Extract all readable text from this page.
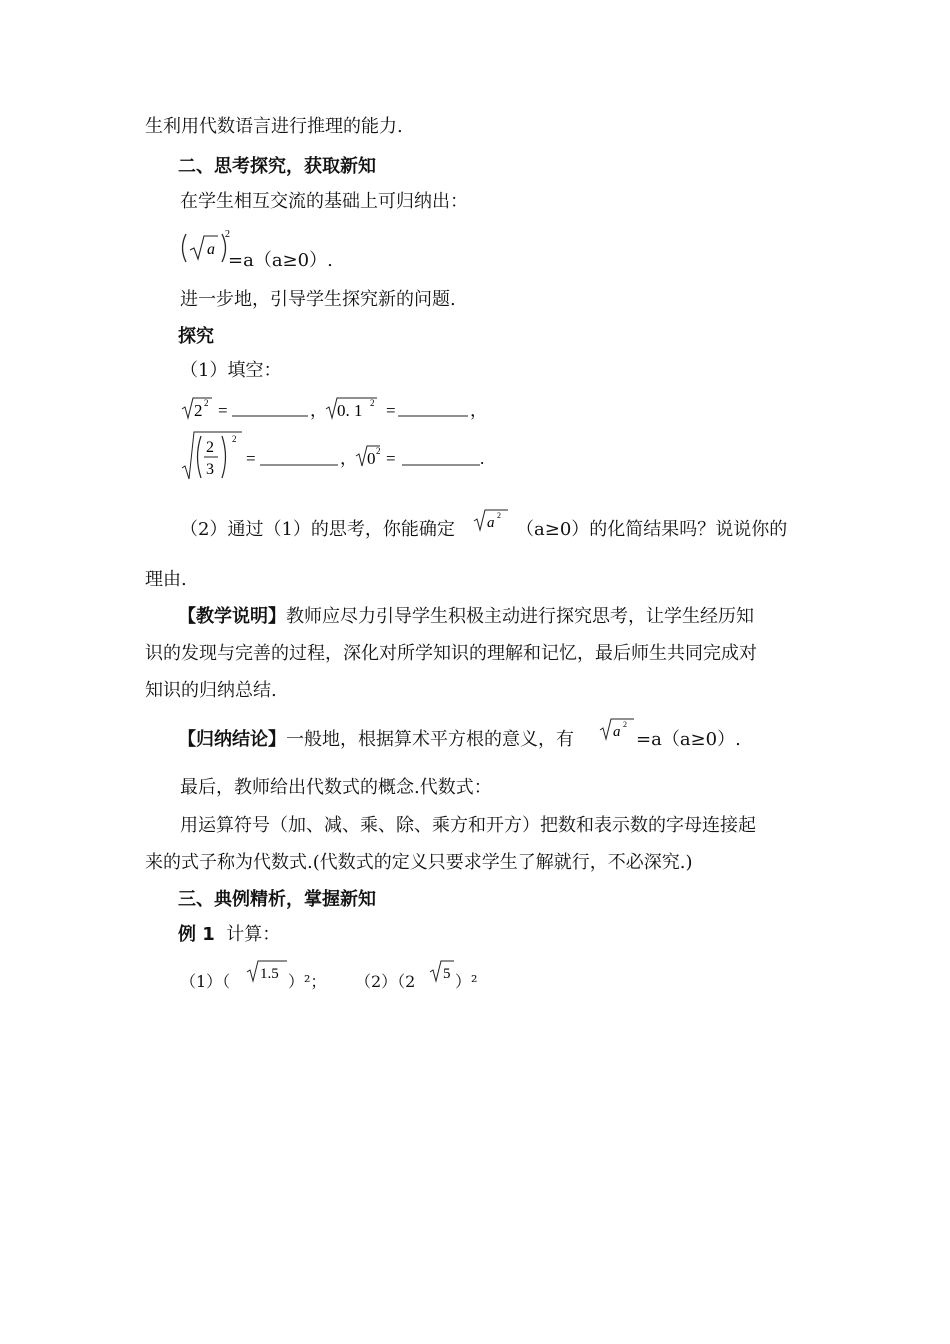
生利用代数语言进行推理的能力.
二、思考探究，获取新知
在学生相互交流的基础上可归纳出：
a
2
=a（a≥0）.
进一步地，引导学生探究新的问题.
探究
（1）填空：
2 2 =	， 0. 1 2 =	，
2
3
2
=	， 0 2 =	.
（2）通过（1）的思考，你能确定 a 2
（a≥0）的化简结果吗？说说你的
理由.
【教学说明】教师应尽力引导学生积极主动进行探究思考，让学生经历知
识的发现与完善的过程，深化对所学知识的理解和记忆，最后师生共同完成对
知识的归纳总结.
【归纳结论】一般地，根据算术平方根的意义，有	a 2
=a（a≥0）.
最后，教师给出代数式的概念.代数式：
用运算符号（加、减、乘、除、乘方和开方）把数和表示数的字母连接起
来的式子称为代数式.(代数式的定义只要求学生了解就行，不必深究.)
三、典例精析，掌握新知
例 1 计算：
（1）（ 1.5 ）²； （2）（2 5 ）²
